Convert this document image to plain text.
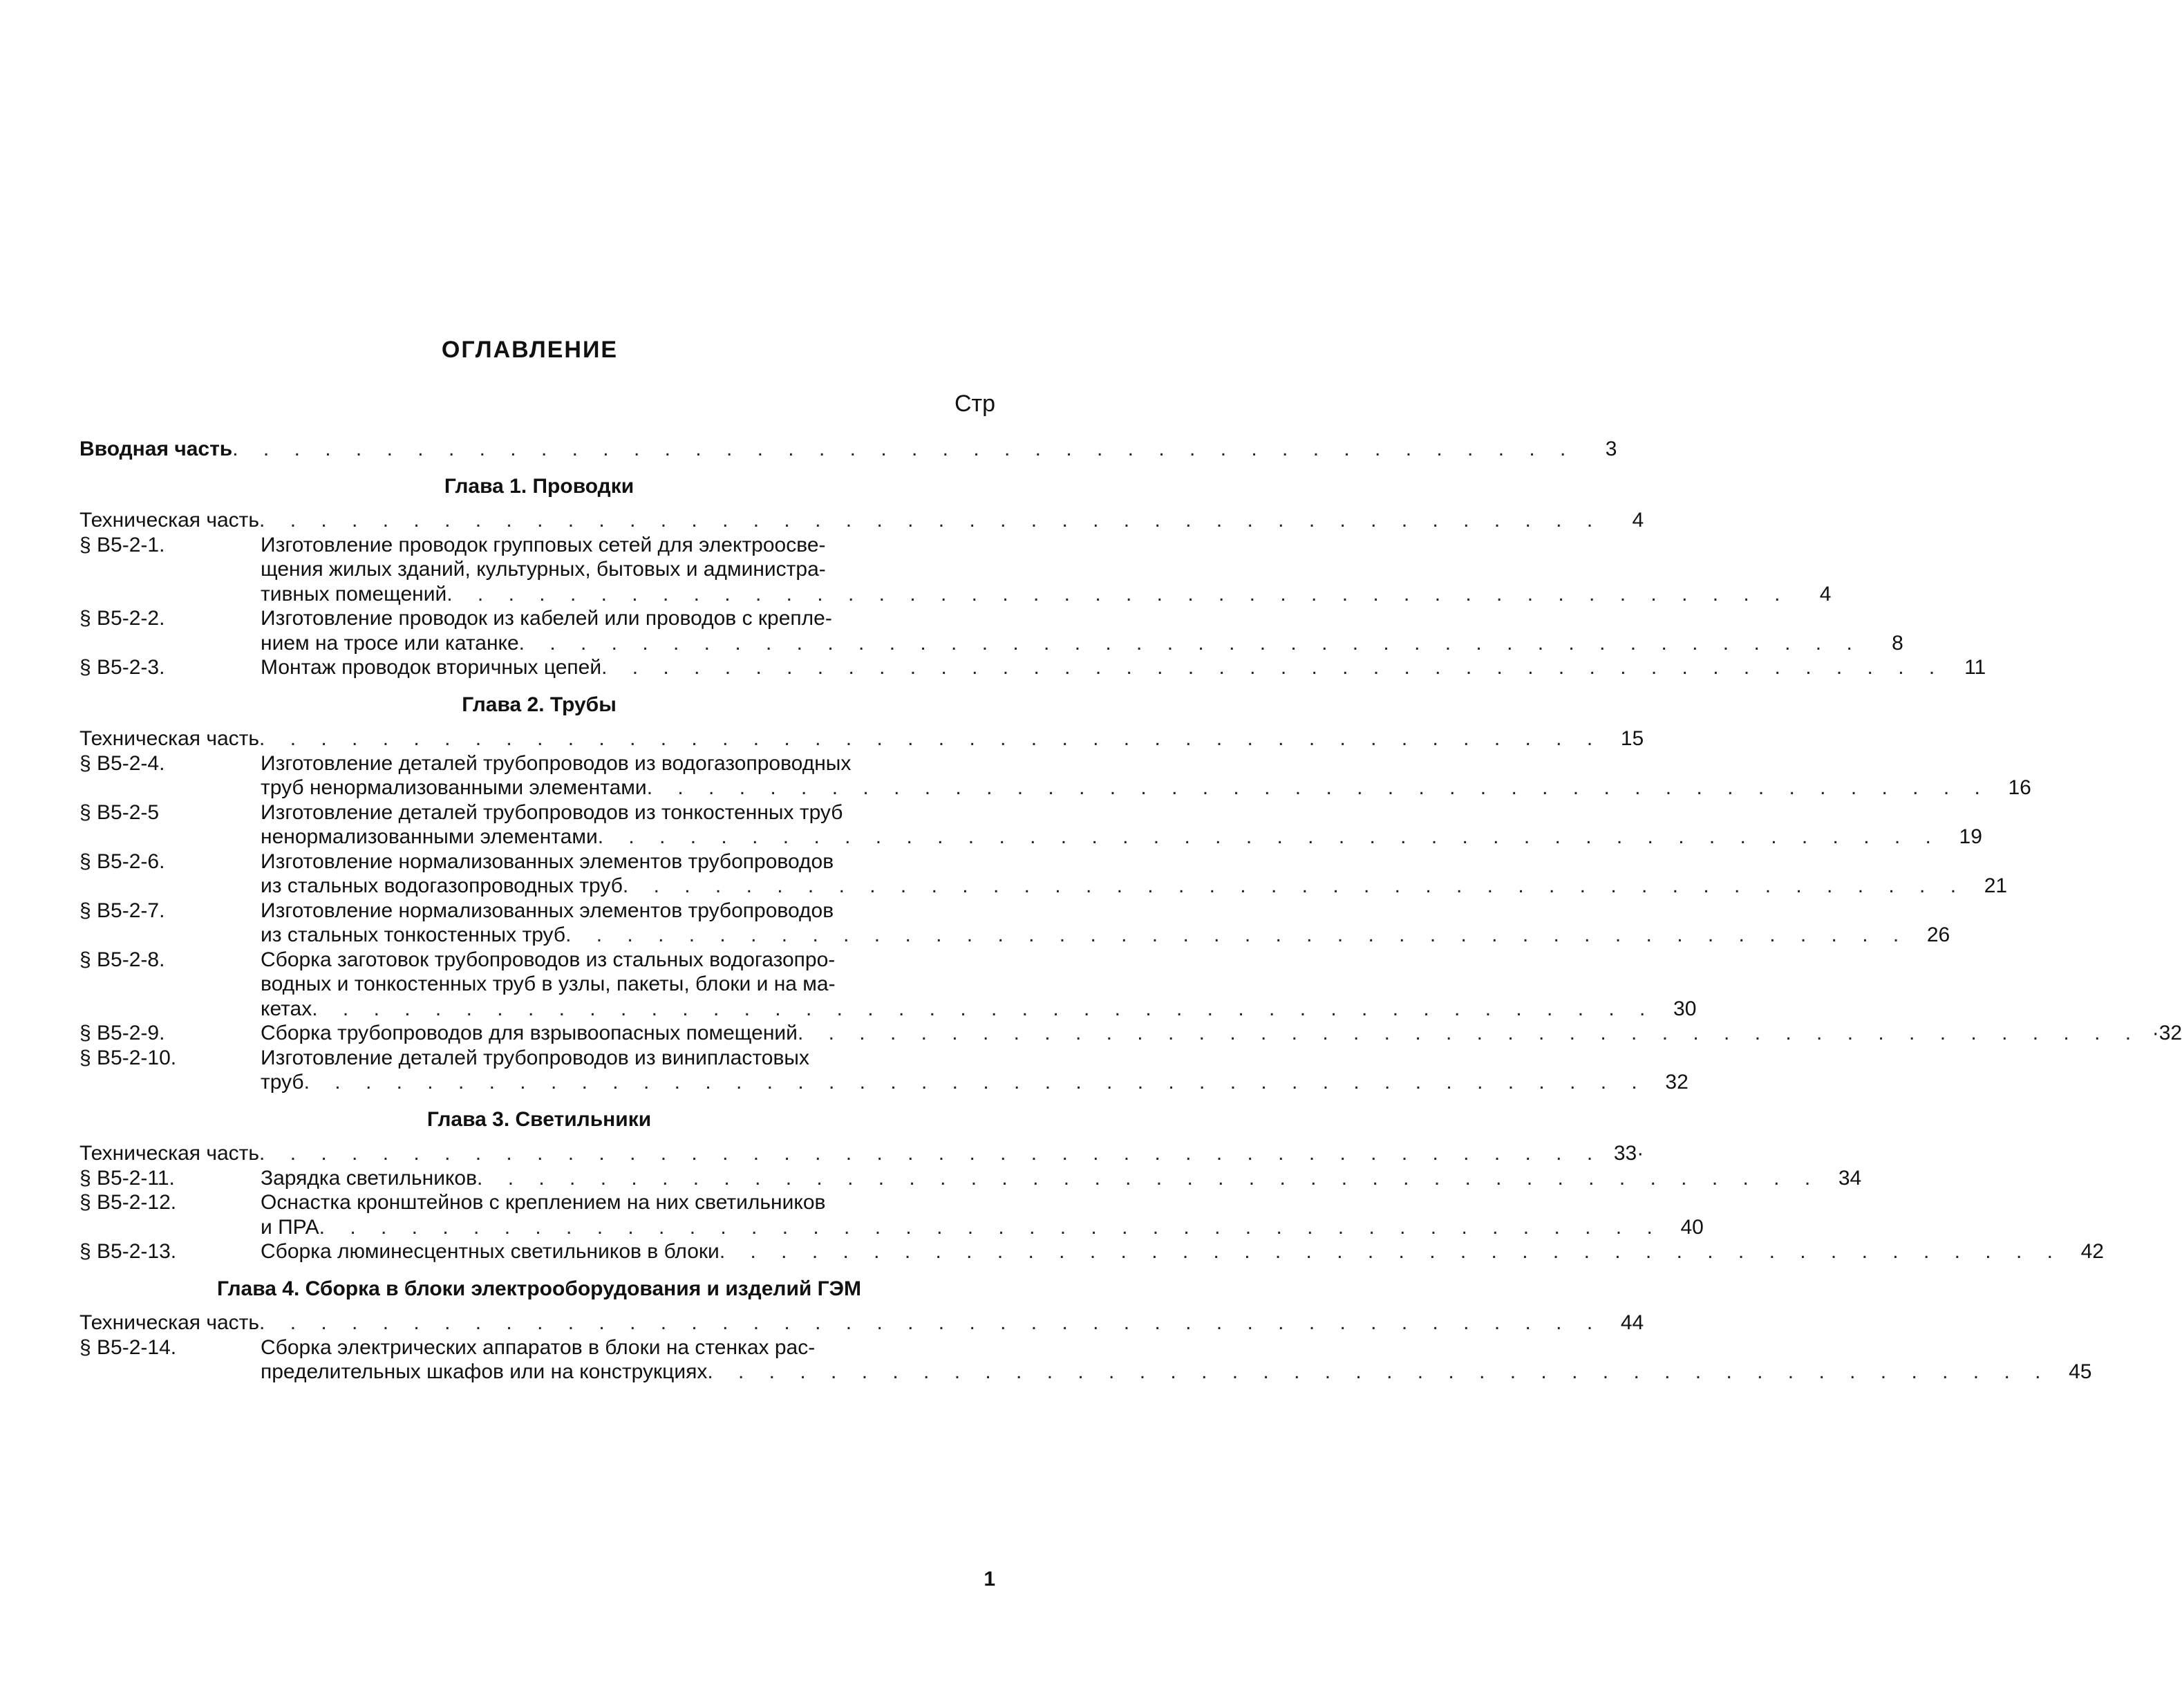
ОГЛАВЛЕНИЕ
Стр
Вводная часть . . . . . . . . . . . . . . . . . . . . . . . . . . . . . . . . . . . . . . . . . . . .	3
Глава 1. Проводки
Техническая часть . . . . . . . . . . . . . . . . . . . . . . . . . . . . . . . . . . . . . . . . . . . .	4
§ В5-2-1.	Изготовление проводок групповых сетей для электроосве-
щения жилых зданий, культурных, бытовых и администра-
тивных помещений . . . . . . . . . . . . . . . . . . . . . . . . . . . . . . . . . . . . . . . . . . . .	4
§ В5-2-2.	Изготовление проводок из кабелей или проводов с крепле-
нием на тросе или катанке . . . . . . . . . . . . . . . . . . . . . . . . . . . . . . . . . . . . . . . . . . . .	8
§ В5-2-3.	Монтаж проводок вторичных цепей . . . . . . . . . . . . . . . . . . . . . . . . . . . . . . . . . . . . . . . . . . . . 11
Глава 2. Трубы
Техническая часть . . . . . . . . . . . . . . . . . . . . . . . . . . . . . . . . . . . . . . . . . . . . 15
§ В5-2-4.	Изготовление деталей трубопроводов из водогазопроводных
труб ненормализованными элементами . . . . . . . . . . . . . . . . . . . . . . . . . . . . . . . . . . . . . . . . . . . . 16
§ В5-2-5	Изготовление деталей трубопроводов из тонкостенных труб
ненормализованными элементами . . . . . . . . . . . . . . . . . . . . . . . . . . . . . . . . . . . . . . . . . . . . 19
§ В5-2-6.	Изготовление нормализованных элементов трубопроводов
из стальных водогазопроводных труб . . . . . . . . . . . . . . . . . . . . . . . . . . . . . . . . . . . . . . . . . . . . 21
§ В5-2-7.	Изготовление нормализованных элементов трубопроводов
из стальных тонкостенных труб . . . . . . . . . . . . . . . . . . . . . . . . . . . . . . . . . . . . . . . . . . . . 26
§ В5-2-8.	Сборка заготовок трубопроводов из стальных водогазопро-
водных и тонкостенных труб в узлы, пакеты, блоки и на ма-
кетах . . . . . . . . . . . . . . . . . . . . . . . . . . . . . . . . . . . . . . . . . . . . 30
§ В5-2-9.	Сборка трубопроводов для взрывоопасных помещений . . . . . . . . . . . . . . . . . . . . . . . . . . . . . . . . . . . . . . . . . . . . ·32
§ В5-2-10.	Изготовление деталей трубопроводов из винипластовых
труб . . . . . . . . . . . . . . . . . . . . . . . . . . . . . . . . . . . . . . . . . . . . 32
Глава 3. Светильники
Техническая часть . . . . . . . . . . . . . . . . . . . . . . . . . . . . . . . . . . . . . . . . . . . . 33·
§ В5-2-11.	Зарядка светильников . . . . . . . . . . . . . . . . . . . . . . . . . . . . . . . . . . . . . . . . . . . . 34
§ В5-2-12.	Оснастка кронштейнов с креплением на них светильников
и ПРА . . . . . . . . . . . . . . . . . . . . . . . . . . . . . . . . . . . . . . . . . . . . 40
§ В5-2-13.	Сборка люминесцентных светильников в блоки . . . . . . . . . . . . . . . . . . . . . . . . . . . . . . . . . . . . . . . . . . . . 42
Глава 4. Сборка в блоки электрооборудования и изделий ГЭМ
Техническая часть . . . . . . . . . . . . . . . . . . . . . . . . . . . . . . . . . . . . . . . . . . . . 44
§ В5-2-14.	Сборка электрических аппаратов в блоки на стенках рас-
пределительных шкафов или на конструкциях . . . . . . . . . . . . . . . . . . . . . . . . . . . . . . . . . . . . . . . . . . . . 45
1
